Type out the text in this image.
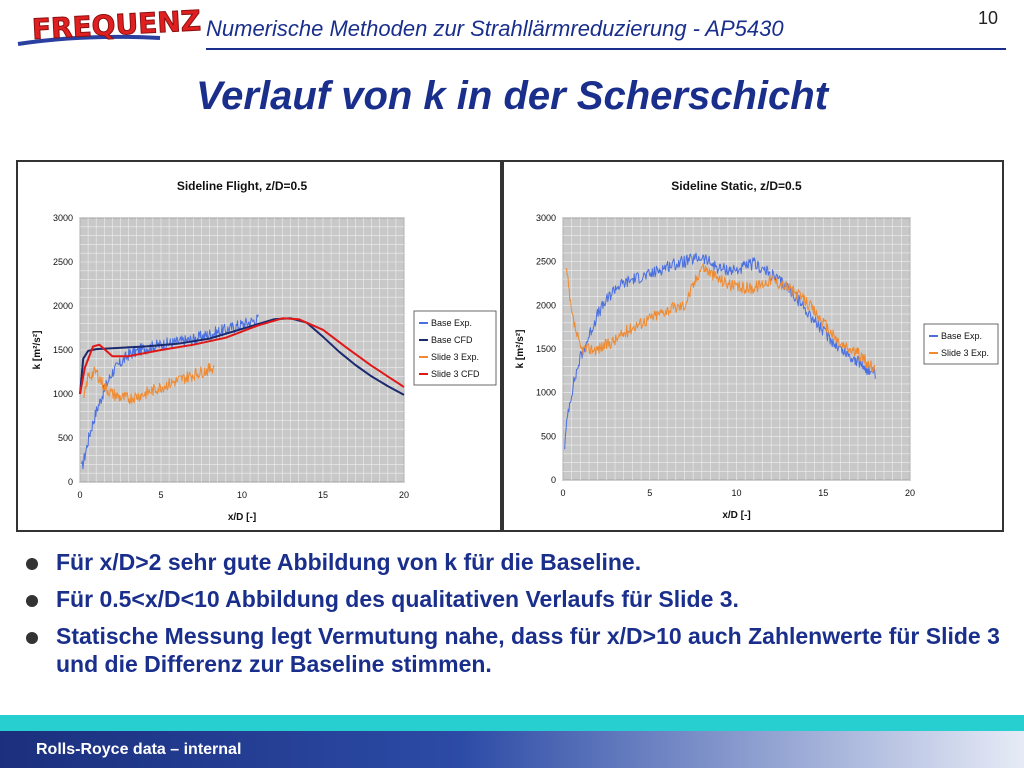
FREQUENZ	10
Numerische Methoden zur Strahllärmreduzierung - AP5430
Verlauf von k in der Scherschicht
Sideline Flight, z/D=0.5
0	5	10	15	20
0
500
1000
1500
2000
2500
3000
x/D [-]
k [m²/s²]
Base Exp.
Base CFD
Slide 3 Exp.
Slide 3 CFD
Sideline Static, z/D=0.5
0	5	10	15	20
0
500
1000
1500
2000
2500
3000
x/D [-]
k [m²/s²]	Base Exp.
Slide 3 Exp.
Für x/D>2 sehr gute Abbildung von k für die Baseline.
Für 0.5<x/D<10 Abbildung des qualitativen Verlaufs für Slide 3.
Statische Messung legt Vermutung nahe, dass für x/D>10 auch Zahlenwerte für Slide 3 und die Differenz zur Baseline stimmen.
Rolls-Royce data – internal
